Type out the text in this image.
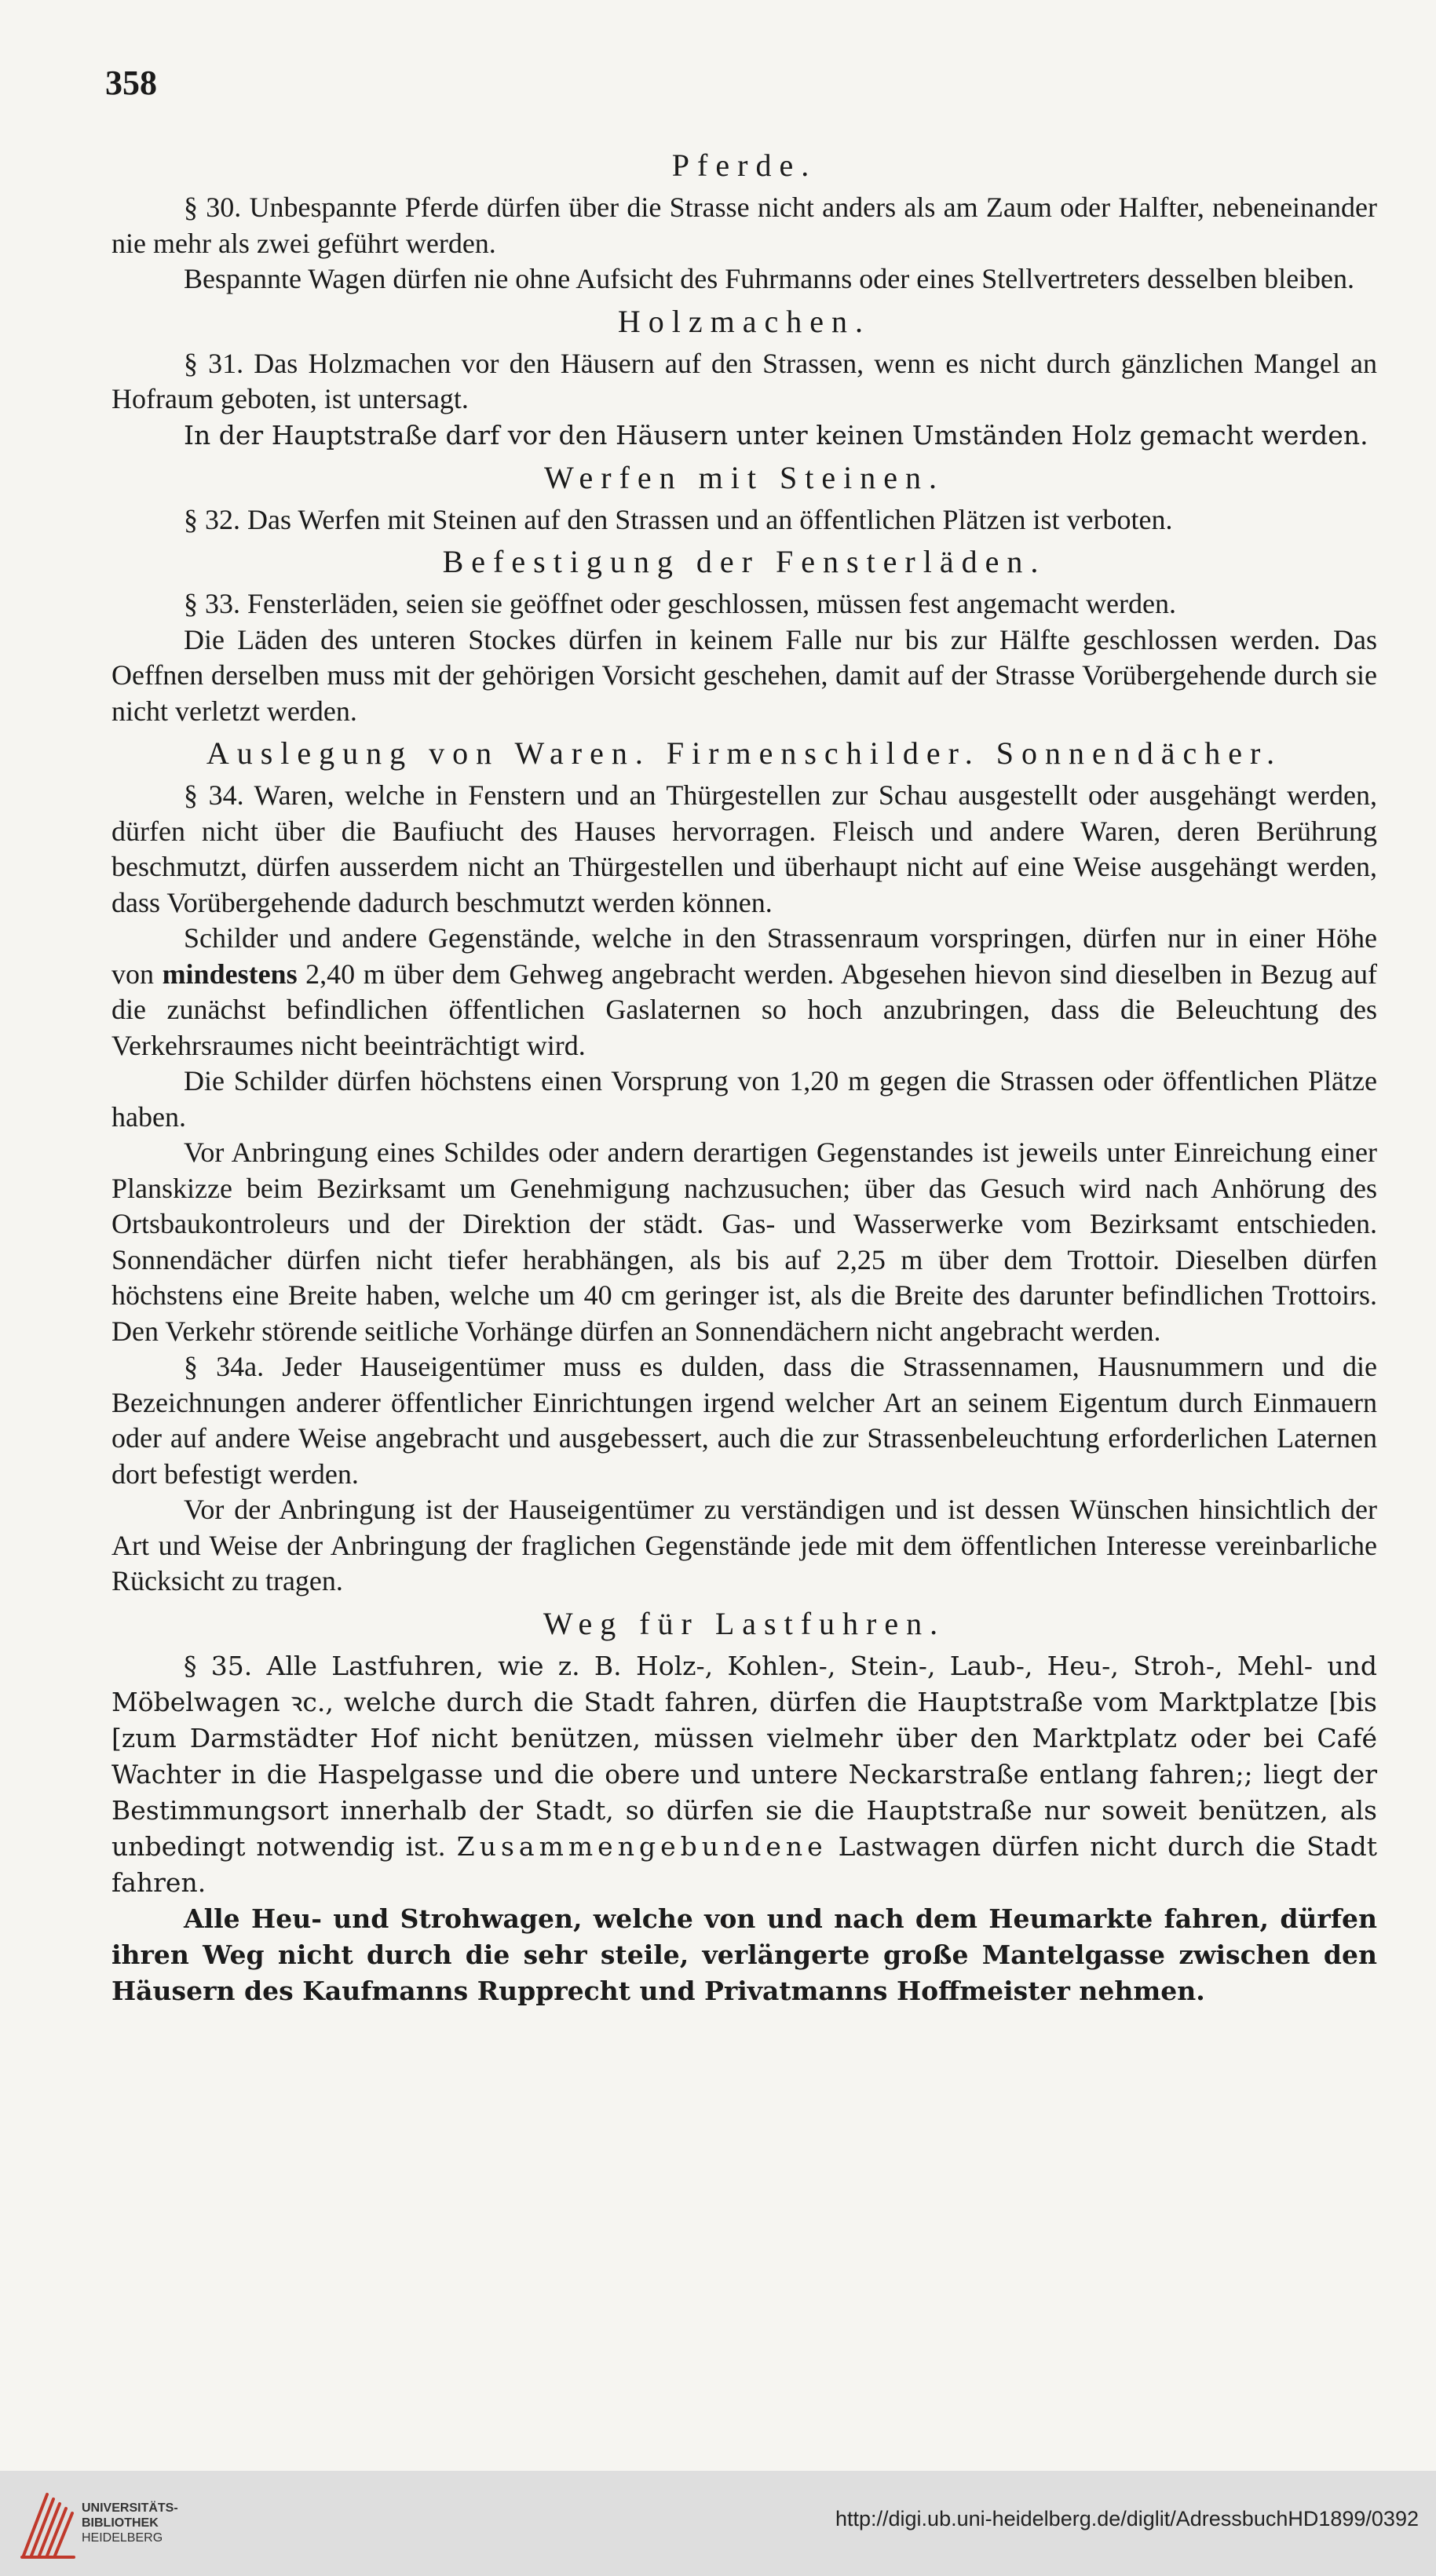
358
Pferde.

§ 30. Unbespannte Pferde dürfen über die Strasse nicht anders als am Zaum oder Halfter, nebeneinander nie mehr als zwei geführt werden.

Bespannte Wagen dürfen nie ohne Aufsicht des Fuhrmanns oder eines Stellvertreters desselben bleiben.

Holzmachen.

§ 31. Das Holzmachen vor den Häusern auf den Strassen, wenn es nicht durch gänzlichen Mangel an Hofraum geboten, ist untersagt.

In der Hauptstraße darf vor den Häusern unter keinen Umständen Holz gemacht werden.

Werfen mit Steinen.

§ 32. Das Werfen mit Steinen auf den Strassen und an öffentlichen Plätzen ist verboten.

Befestigung der Fensterläden.

§ 33. Fensterläden, seien sie geöffnet oder geschlossen, müssen fest angemacht werden.

Die Läden des unteren Stockes dürfen in keinem Falle nur bis zur Hälfte geschlossen werden. Das Oeffnen derselben muss mit der gehörigen Vorsicht geschehen, damit auf der Strasse Vorübergehende durch sie nicht verletzt werden.

Auslegung von Waren. Firmenschilder. Sonnendächer.

§ 34. Waren, welche in Fenstern und an Thürgestellen zur Schau ausgestellt oder ausgehängt werden, dürfen nicht über die Baufiucht des Hauses hervorragen. Fleisch und andere Waren, deren Berührung beschmutzt, dürfen ausserdem nicht an Thürgestellen und überhaupt nicht auf eine Weise ausgehängt werden, dass Vorübergehende dadurch beschmutzt werden können.

Schilder und andere Gegenstände, welche in den Strassenraum vorspringen, dürfen nur in einer Höhe von mindestens 2,40 m über dem Gehweg angebracht werden. Abgesehen hievon sind dieselben in Bezug auf die zunächst befindlichen öffentlichen Gaslaternen so hoch anzubringen, dass die Beleuchtung des Verkehrsraumes nicht beeinträchtigt wird.

Die Schilder dürfen höchstens einen Vorsprung von 1,20 m gegen die Strassen oder öffentlichen Plätze haben.

Vor Anbringung eines Schildes oder andern derartigen Gegenstandes ist jeweils unter Einreichung einer Planskizze beim Bezirksamt um Genehmigung nachzusuchen; über das Gesuch wird nach Anhörung des Ortsbaukontroleurs und der Direktion der städt. Gas- und Wasserwerke vom Bezirksamt entschieden. Sonnendächer dürfen nicht tiefer herabhängen, als bis auf 2,25 m über dem Trottoir. Dieselben dürfen höchstens eine Breite haben, welche um 40 cm geringer ist, als die Breite des darunter befindlichen Trottoirs. Den Verkehr störende seitliche Vorhänge dürfen an Sonnendächern nicht angebracht werden.

§ 34a. Jeder Hauseigentümer muss es dulden, dass die Strassennamen, Hausnummern und die Bezeichnungen anderer öffentlicher Einrichtungen irgend welcher Art an seinem Eigentum durch Einmauern oder auf andere Weise angebracht und ausgebessert, auch die zur Strassenbeleuchtung erforderlichen Laternen dort befestigt werden.

Vor der Anbringung ist der Hauseigentümer zu verständigen und ist dessen Wünschen hinsichtlich der Art und Weise der Anbringung der fraglichen Gegenstände jede mit dem öffentlichen Interesse vereinbarliche Rücksicht zu tragen.

Weg für Lastfuhren.

§ 35. Alle Lastfuhren, wie z. B. Holz-, Kohlen-, Stein-, Laub-, Heu-, Stroh-, Mehl- und Möbelwagen ꝛc., welche durch die Stadt fahren, dürfen die Hauptstraße vom Marktplatze [bis [zum Darmstädter Hof nicht benützen, müssen vielmehr über den Marktplatz oder bei Café Wachter in die Haspelgasse und die obere und untere Neckarstraße entlang fahren;; liegt der Bestimmungsort innerhalb der Stadt, so dürfen sie die Hauptstraße nur soweit benützen, als unbedingt notwendig ist. Zusammengebundene Lastwagen dürfen nicht durch die Stadt fahren.

Alle Heu- und Strohwagen, welche von und nach dem Heumarkte fahren, dürfen ihren Weg nicht durch die sehr steile, verlängerte große Mantelgasse zwischen den Häusern des Kaufmanns Rupprecht und Privatmanns Hoffmeister nehmen.

UNIVERSITÄTS-
BIBLIOTHEK
HEIDELBERG
http://digi.ub.uni-heidelberg.de/diglit/AdressbuchHD1899/0392
